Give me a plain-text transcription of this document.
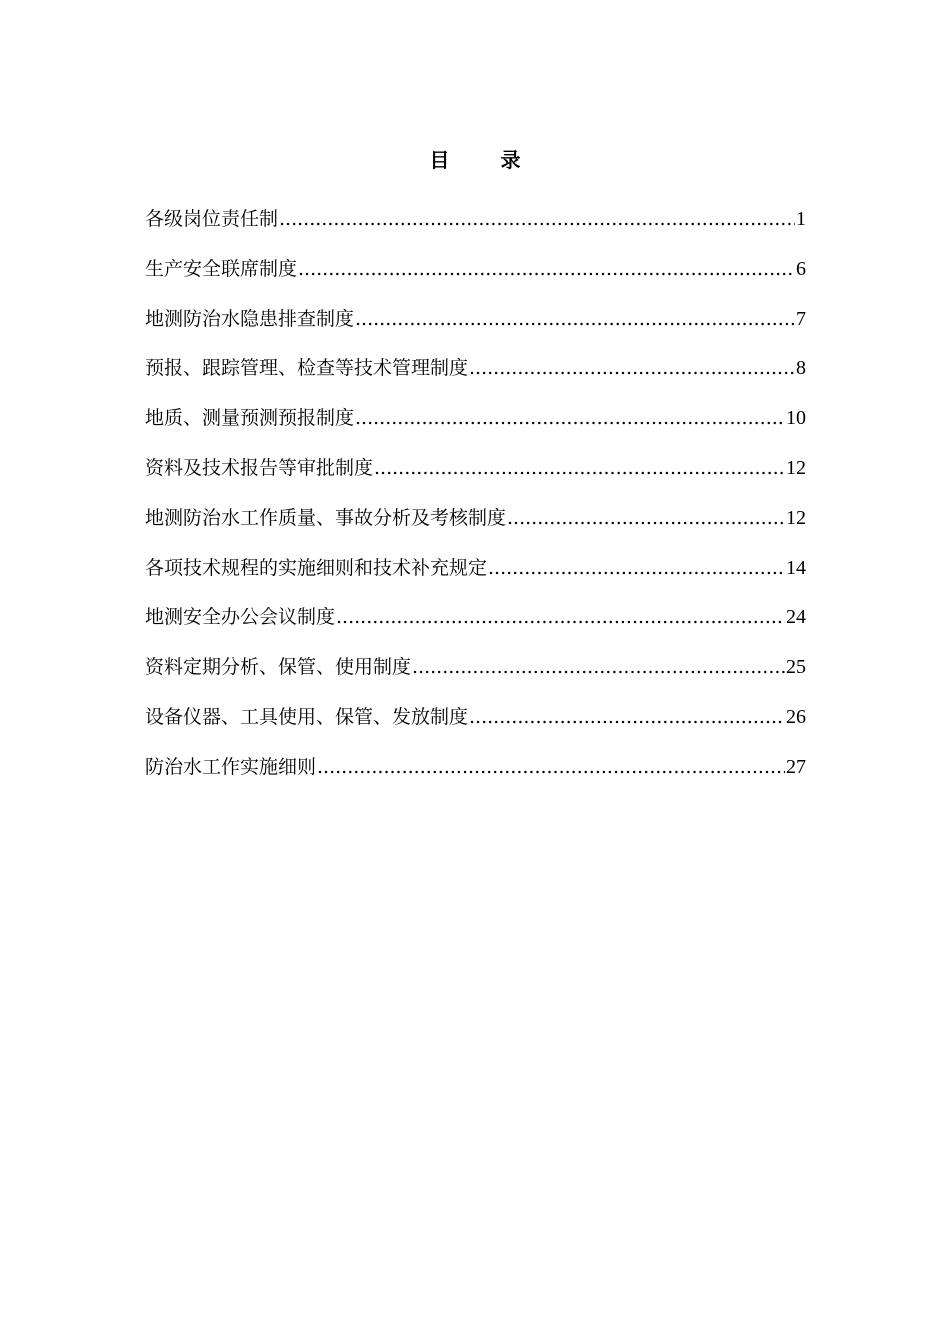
目 录
各级岗位责任制 .....	1
生产安全联席制度 .....	6
地测防治水隐患排查制度 .....	7
预报、跟踪管理、检查等技术管理制度 .....	8
地质、测量预测预报制度 .....	10
资料及技术报告等审批制度 .....	12
地测防治水工作质量、事故分析及考核制度 .....	12
各项技术规程的实施细则和技术补充规定 .....	14
地测安全办公会议制度 .....	24
资料定期分析、保管、使用制度 .....	25
设备仪器、工具使用、保管、发放制度 .....	26
防治水工作实施细则 .....	27
